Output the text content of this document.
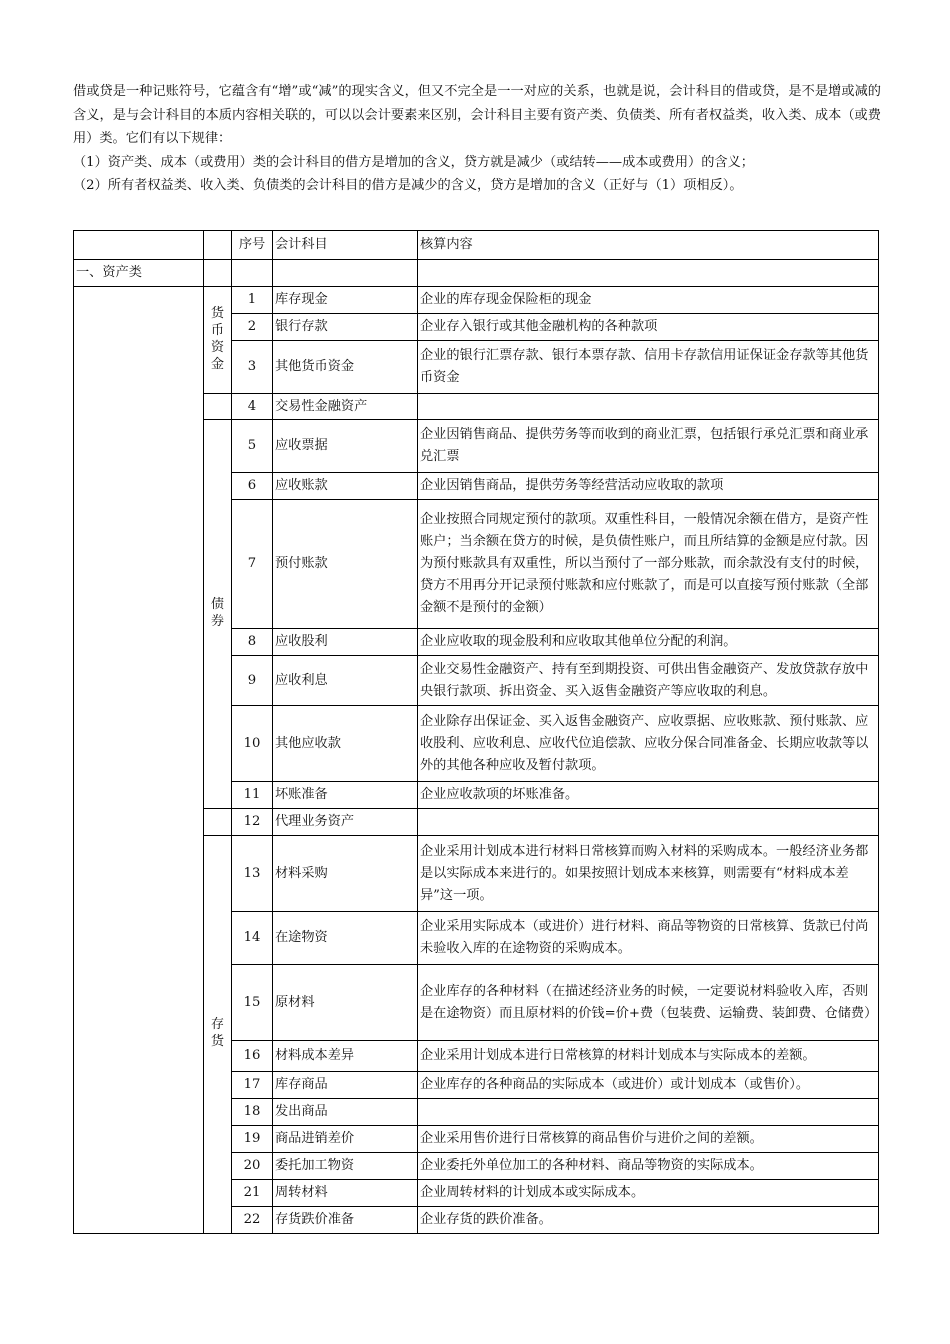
借或贷是一种记账符号，它蕴含有“增”或“减”的现实含义，但又不完全是一一对应的关系，也就是说，会计科目的借或贷，是不是增或减的含义，是与会计科目的本质内容相关联的，可以以会计要素来区别，会计科目主要有资产类、负债类、所有者权益类，收入类、成本（或费用）类。它们有以下规律：

（1）资产类、成本（或费用）类的会计科目的借方是增加的含义，贷方就是减少（或结转——成本或费用）的含义；

（2）所有者权益类、收入类、负债类的会计科目的借方是减少的含义，贷方是增加的含义（正好与（1）项相反）。

		序号	会计科目	核算内容
一、资产类				
	货币资金	1	库存现金	企业的库存现金保险柜的现金
		2	银行存款	企业存入银行或其他金融机构的各种款项
		3	其他货币资金	企业的银行汇票存款、银行本票存款、信用卡存款信用证保证金存款等其他货币资金
		4	交易性金融资产	
	债券	5	应收票据	企业因销售商品、提供劳务等而收到的商业汇票，包括银行承兑汇票和商业承兑汇票
		6	应收账款	企业因销售商品，提供劳务等经营活动应收取的款项
		7	预付账款	企业按照合同规定预付的款项。双重性科目，一般情况余额在借方，是资产性账户；当余额在贷方的时候，是负债性账户，而且所结算的金额是应付款。因为预付账款具有双重性，所以当预付了一部分账款，而余款没有支付的时候，贷方不用再分开记录预付账款和应付账款了，而是可以直接写预付账款（全部金额不是预付的金额）
		8	应收股利	企业应收取的现金股利和应收取其他单位分配的利润。
		9	应收利息	企业交易性金融资产、持有至到期投资、可供出售金融资产、发放贷款存放中央银行款项、拆出资金、买入返售金融资产等应收取的利息。
		10	其他应收款	企业除存出保证金、买入返售金融资产、应收票据、应收账款、预付账款、应收股利、应收利息、应收代位追偿款、应收分保合同准备金、长期应收款等以外的其他各种应收及暂付款项。
		11	坏账准备	企业应收款项的坏账准备。
		12	代理业务资产	
	存货	13	材料采购	企业采用计划成本进行材料日常核算而购入材料的采购成本。一般经济业务都是以实际成本来进行的。如果按照计划成本来核算，则需要有“材料成本差异”这一项。
		14	在途物资	企业采用实际成本（或进价）进行材料、商品等物资的日常核算、货款已付尚未验收入库的在途物资的采购成本。
		15	原材料	企业库存的各种材料（在描述经济业务的时候，一定要说材料验收入库，否则是在途物资）而且原材料的价钱=价+费（包装费、运输费、装卸费、仓储费）
		16	材料成本差异	企业采用计划成本进行日常核算的材料计划成本与实际成本的差额。
		17	库存商品	企业库存的各种商品的实际成本（或进价）或计划成本（或售价）。
		18	发出商品	
		19	商品进销差价	企业采用售价进行日常核算的商品售价与进价之间的差额。
		20	委托加工物资	企业委托外单位加工的各种材料、商品等物资的实际成本。
		21	周转材料	企业周转材料的计划成本或实际成本。
		22	存货跌价准备	企业存货的跌价准备。
